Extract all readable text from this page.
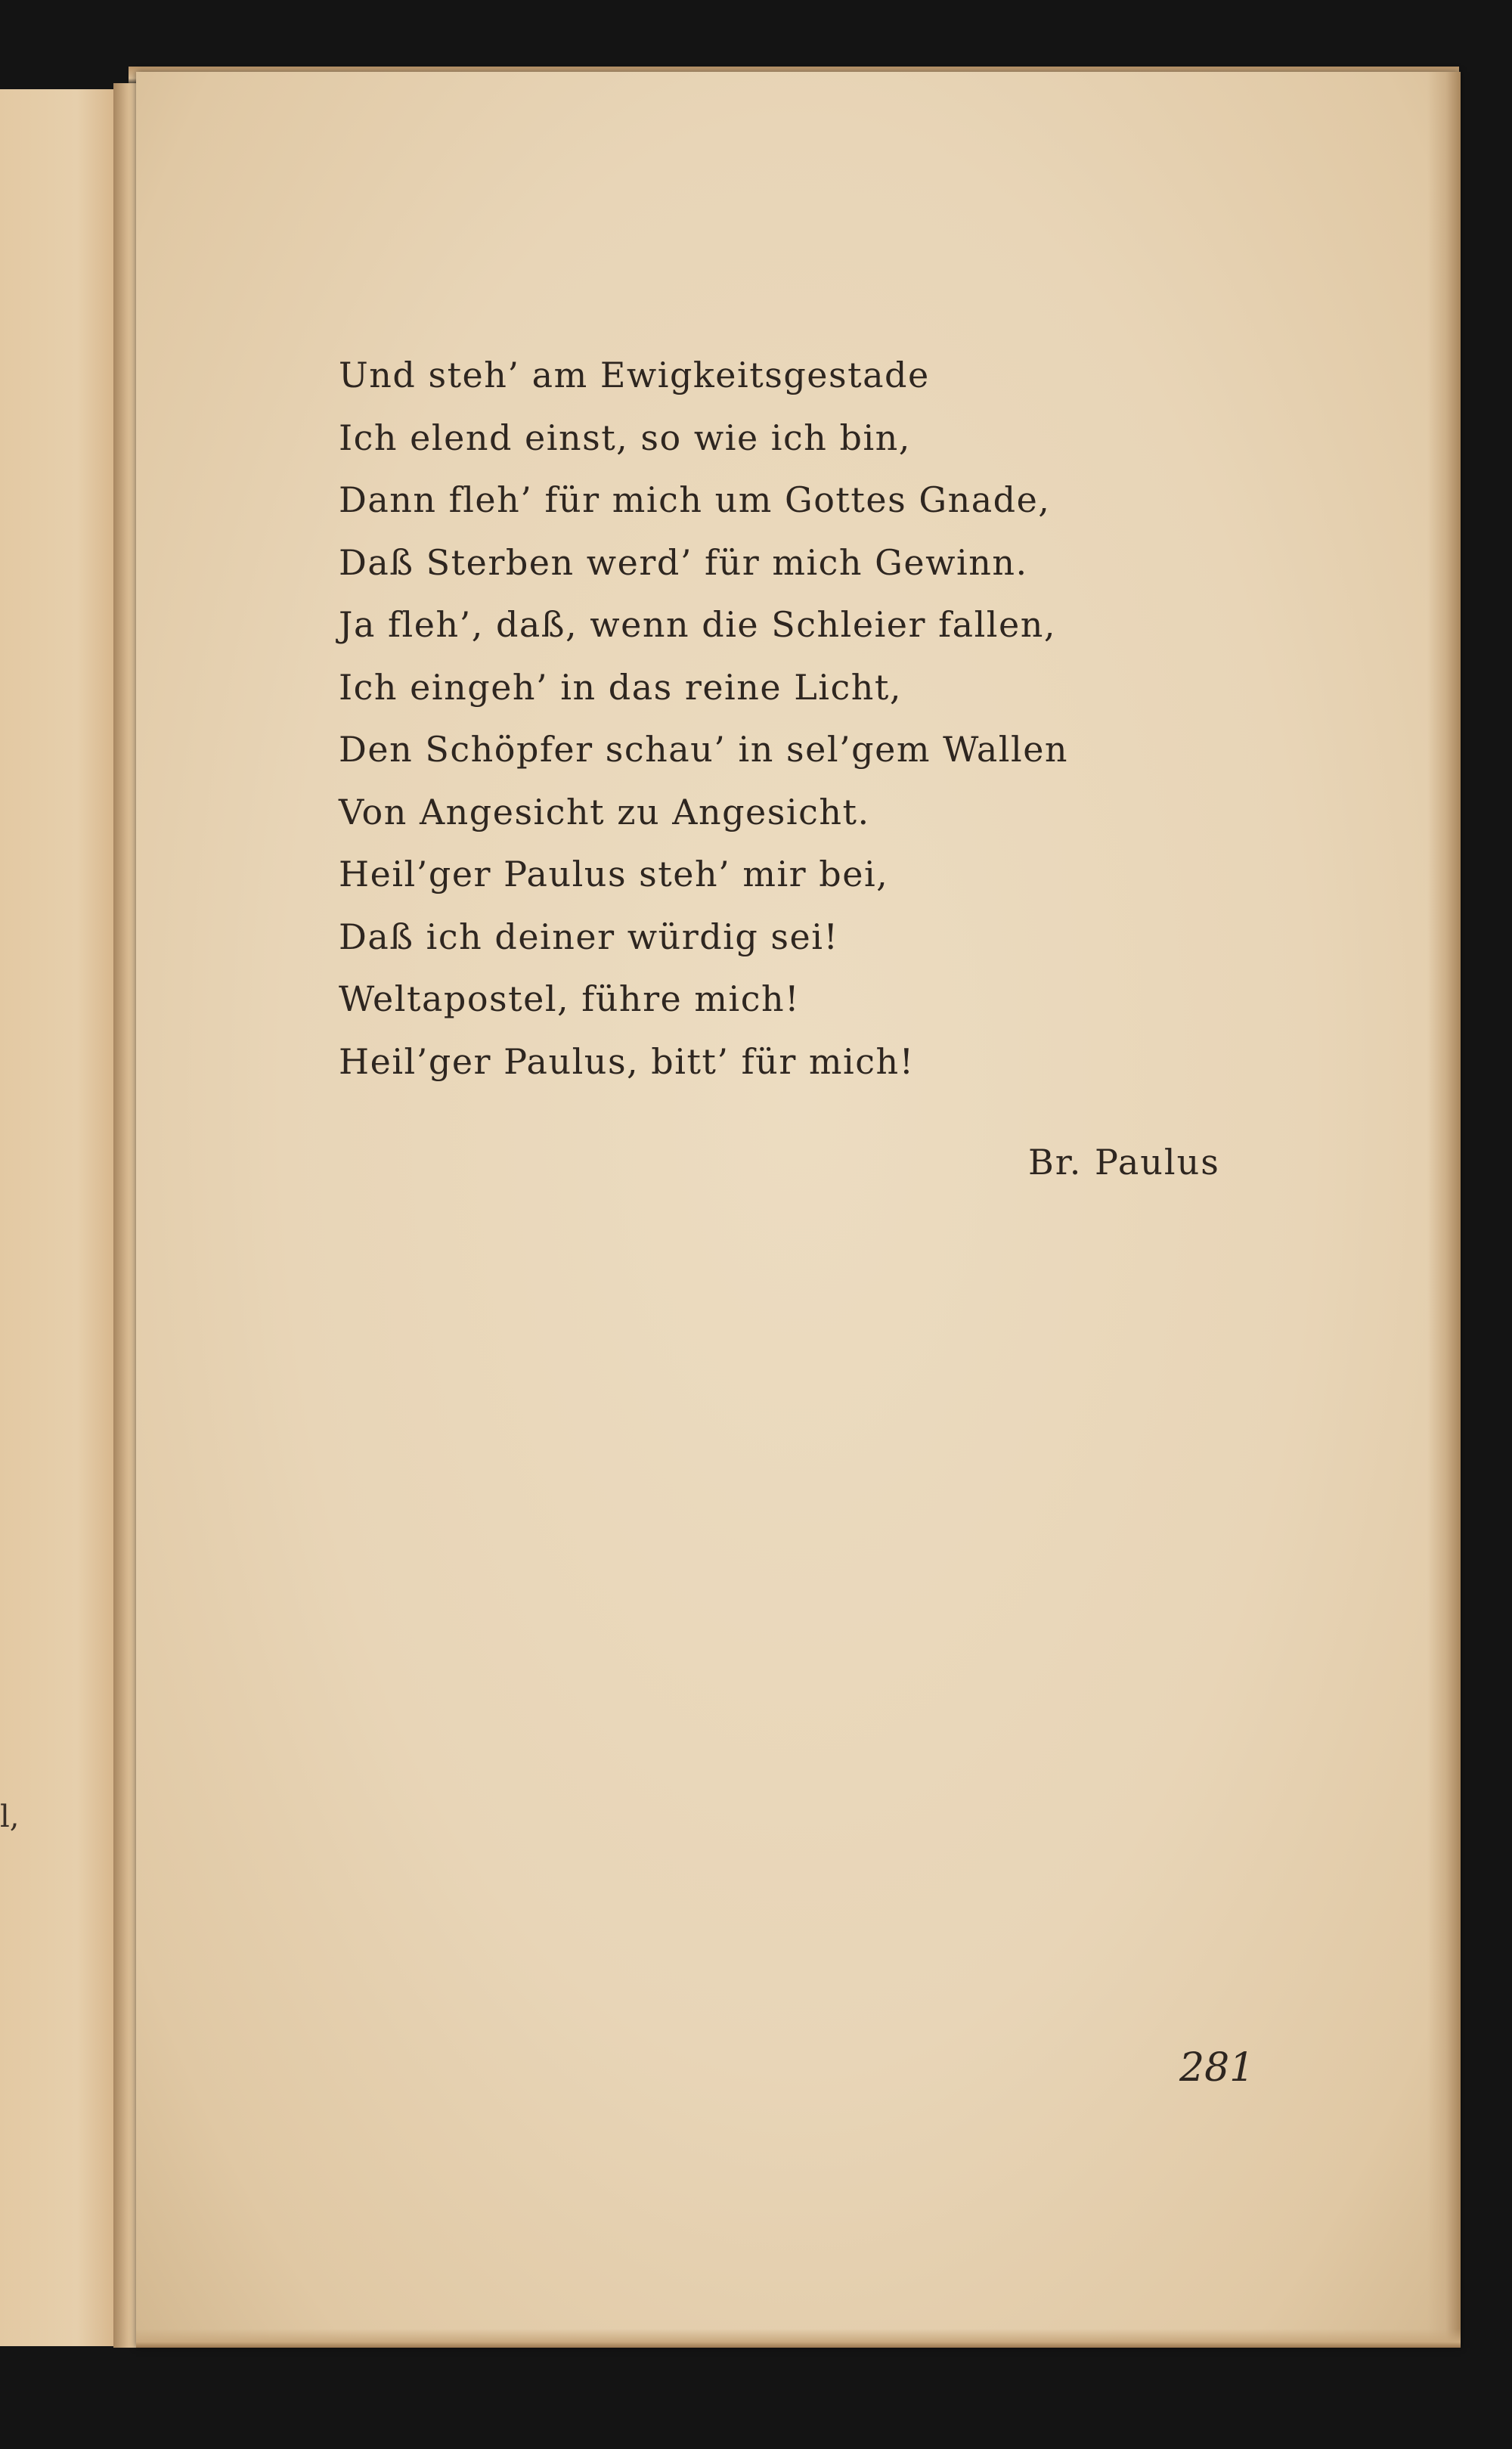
l,
Und steh’ am Ewigkeitsgestade
Ich elend einst, so wie ich bin,
Dann fleh’ für mich um Gottes Gnade,
Daß Sterben werd’ für mich Gewinn.
Ja fleh’, daß, wenn die Schleier fallen,
Ich eingeh’ in das reine Licht,
Den Schöpfer schau’ in sel’gem Wallen
Von Angesicht zu Angesicht.
Heil’ger Paulus steh’ mir bei,
Daß ich deiner würdig sei!
Weltapostel, führe mich!
Heil’ger Paulus, bitt’ für mich!
Br. Paulus
281
